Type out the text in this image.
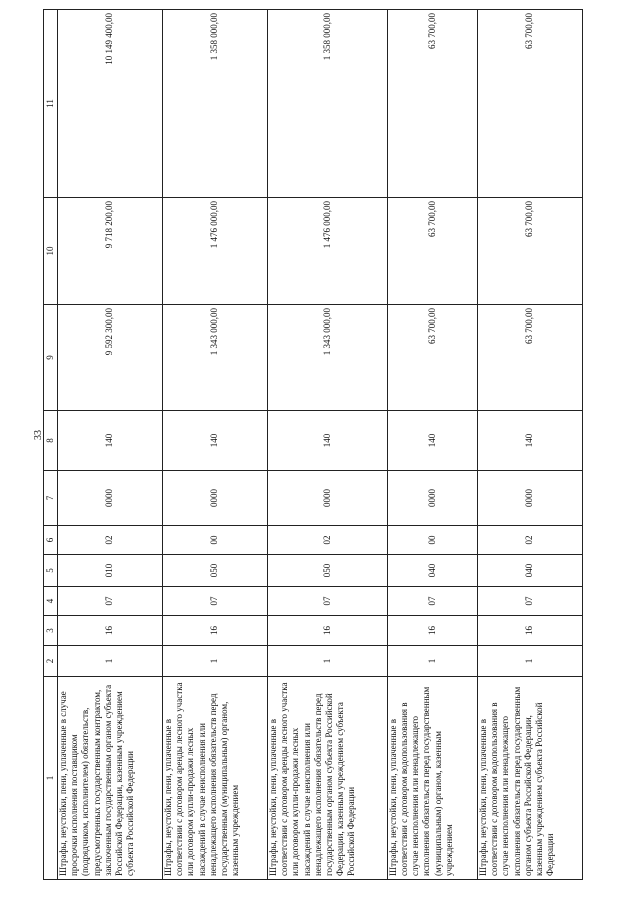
33
1	2	3	4	5	6	7	8	9	10	11
Штрафы, неустойки, пени, уплаченные в случае просрочки исполнения поставщиком (подрядчиком, исполнителем) обязательств, предусмотренных государственным контрактом, заключенным государственным органом субъекта Российской Федерации, казенным учреждением субъекта Российской Федерации	1	16	07	010	02	0000	140	9 592 300,00	9 718 200,00	10 149 400,00
Штрафы, неустойки, пени, уплаченные в соответствии с договором аренды лесного участка или договором купли-продажи лесных насаждений в случае неисполнения или ненадлежащего исполнения обязательств перед государственным (муниципальным) органом, казенным учреждением	1	16	07	050	00	0000	140	1 343 000,00	1 476 000,00	1 358 000,00
Штрафы, неустойки, пени, уплаченные в соответствии с договором аренды лесного участка или договором купли-продажи лесных насаждений в случае неисполнения или ненадлежащего исполнения обязательств перед государственным органом субъекта Российской Федерации, казенным учреждением субъекта Российской Федерации	1	16	07	050	02	0000	140	1 343 000,00	1 476 000,00	1 358 000,00
Штрафы, неустойки, пени, уплаченные в соответствии с договором водопользования в случае неисполнения или ненадлежащего исполнения обязательств перед государственным (муниципальным) органом, казенным учреждением	1	16	07	040	00	0000	140	63 700,00	63 700,00	63 700,00
Штрафы, неустойки, пени, уплаченные в соответствии с договором водопользования в случае неисполнения или ненадлежащего исполнения обязательств перед государственным органом субъекта Российской Федерации, казенным учреждением субъекта Российской Федерации	1	16	07	040	02	0000	140	63 700,00	63 700,00	63 700,00
